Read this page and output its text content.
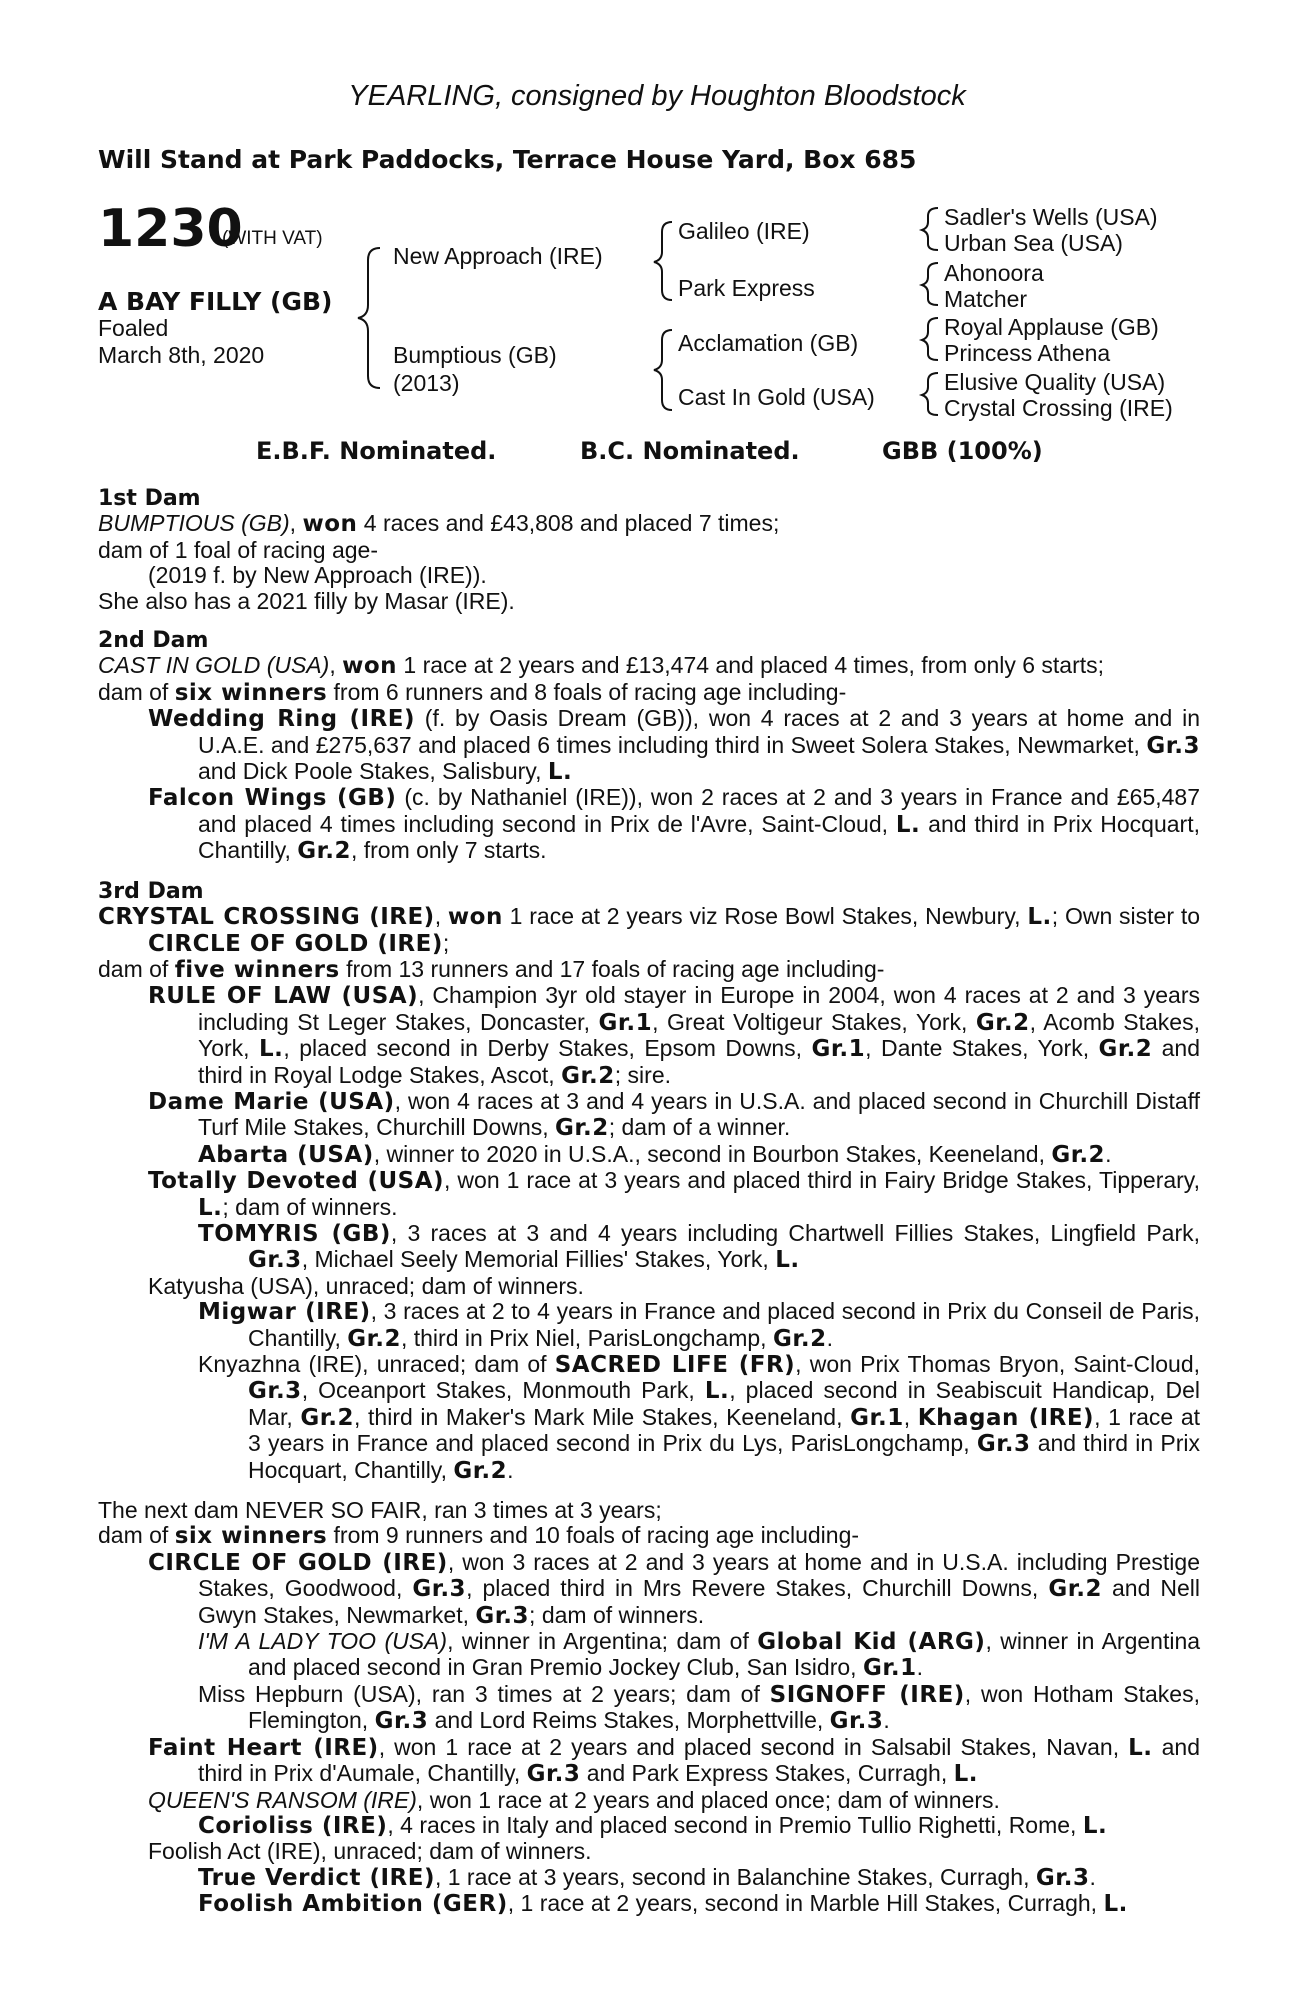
YEARLING, consigned by Houghton Bloodstock
Will Stand at Park Paddocks, Terrace House Yard, Box 685
1230
(WITH VAT)
A BAY FILLY (GB)
Foaled
March 8th, 2020
New Approach (IRE)
Bumptious (GB)
(2013)
Galileo (IRE)
Park Express
Acclamation (GB)
Cast In Gold (USA)
Sadler's Wells (USA)
Urban Sea (USA)
Ahonoora
Matcher
Royal Applause (GB)
Princess Athena
Elusive Quality (USA)
Crystal Crossing (IRE)
E.B.F. Nominated.	B.C. Nominated.	GBB (100%)

1st Dam

BUMPTIOUS (GB), won 4 races and £43,808 and placed 7 times;
dam of 1 foal of racing age-

(2019 f. by New Approach (IRE)).

She also has a 2021 filly by Masar (IRE).

2nd Dam

CAST IN GOLD (USA), won 1 race at 2 years and £13,474 and placed 4 times, from only 6 starts;

dam of six winners from 6 runners and 8 foals of racing age including-

Wedding Ring (IRE) (f. by Oasis Dream (GB)), won 4 races at 2 and 3 years at home and in U.A.E. and £275,637 and placed 6 times including third in Sweet Solera Stakes, Newmarket, Gr.3 and Dick Poole Stakes, Salisbury, L.

Falcon Wings (GB) (c. by Nathaniel (IRE)), won 2 races at 2 and 3 years in France and £65,487 and placed 4 times including second in Prix de l'Avre, Saint-Cloud, L. and third in Prix Hocquart, Chantilly, Gr.2, from only 7 starts.

3rd Dam

CRYSTAL CROSSING (IRE), won 1 race at 2 years viz Rose Bowl Stakes, Newbury, L.; Own sister to CIRCLE OF GOLD (IRE);

dam of five winners from 13 runners and 17 foals of racing age including-

RULE OF LAW (USA), Champion 3yr old stayer in Europe in 2004, won 4 races at 2 and 3 years including St Leger Stakes, Doncaster, Gr.1, Great Voltigeur Stakes, York, Gr.2, Acomb Stakes, York, L., placed second in Derby Stakes, Epsom Downs, Gr.1, Dante Stakes, York, Gr.2 and third in Royal Lodge Stakes, Ascot, Gr.2; sire.

Dame Marie (USA), won 4 races at 3 and 4 years in U.S.A. and placed second in Churchill Distaff Turf Mile Stakes, Churchill Downs, Gr.2; dam of a winner.

Abarta (USA), winner to 2020 in U.S.A., second in Bourbon Stakes, Keeneland, Gr.2.

Totally Devoted (USA), won 1 race at 3 years and placed third in Fairy Bridge Stakes, Tipperary, L.; dam of winners.

TOMYRIS (GB), 3 races at 3 and 4 years including Chartwell Fillies Stakes, Lingfield Park, Gr.3, Michael Seely Memorial Fillies' Stakes, York, L.

Katyusha (USA), unraced; dam of winners.

Migwar (IRE), 3 races at 2 to 4 years in France and placed second in Prix du Conseil de Paris, Chantilly, Gr.2, third in Prix Niel, ParisLongchamp, Gr.2.

Knyazhna (IRE), unraced; dam of SACRED LIFE (FR), won Prix Thomas Bryon, Saint-Cloud, Gr.3, Oceanport Stakes, Monmouth Park, L., placed second in Seabiscuit Handicap, Del Mar, Gr.2, third in Maker's Mark Mile Stakes, Keeneland, Gr.1, Khagan (IRE), 1 race at 3 years in France and placed second in Prix du Lys, ParisLongchamp, Gr.3 and third in Prix Hocquart, Chantilly, Gr.2.

The next dam NEVER SO FAIR, ran 3 times at 3 years;

dam of six winners from 9 runners and 10 foals of racing age including-

CIRCLE OF GOLD (IRE), won 3 races at 2 and 3 years at home and in U.S.A. including Prestige Stakes, Goodwood, Gr.3, placed third in Mrs Revere Stakes, Churchill Downs, Gr.2 and Nell Gwyn Stakes, Newmarket, Gr.3; dam of winners.

I'M A LADY TOO (USA), winner in Argentina; dam of Global Kid (ARG), winner in Argentina and placed second in Gran Premio Jockey Club, San Isidro, Gr.1.

Miss Hepburn (USA), ran 3 times at 2 years; dam of SIGNOFF (IRE), won Hotham Stakes, Flemington, Gr.3 and Lord Reims Stakes, Morphettville, Gr.3.

Faint Heart (IRE), won 1 race at 2 years and placed second in Salsabil Stakes, Navan, L. and third in Prix d'Aumale, Chantilly, Gr.3 and Park Express Stakes, Curragh, L.

QUEEN'S RANSOM (IRE), won 1 race at 2 years and placed once; dam of winners.

Corioliss (IRE), 4 races in Italy and placed second in Premio Tullio Righetti, Rome, L.

Foolish Act (IRE), unraced; dam of winners.

True Verdict (IRE), 1 race at 3 years, second in Balanchine Stakes, Curragh, Gr.3.

Foolish Ambition (GER), 1 race at 2 years, second in Marble Hill Stakes, Curragh, L.
